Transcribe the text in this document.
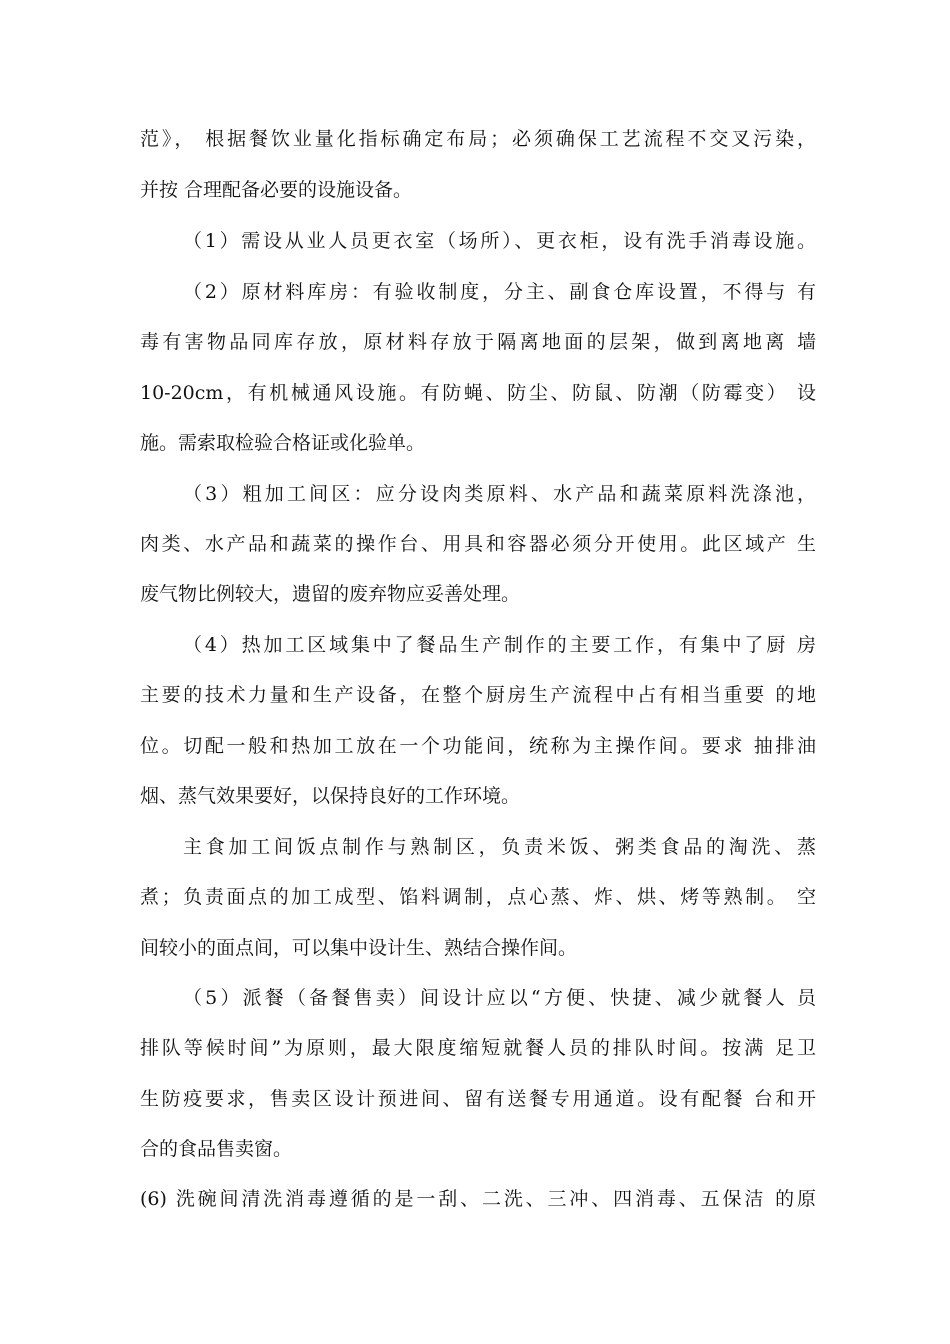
范》， 根据餐饮业量化指标确定布局；必须确保工艺流程不交叉污染，
并按 合理配备必要的设施设备。
（1）需设从业人员更衣室（场所）、更衣柜，设有洗手消毒设施。
（2）原材料库房：有验收制度，分主、副食仓库设置，不得与 有
毒有害物品同库存放，原材料存放于隔离地面的层架，做到离地离 墙
10-20cm，有机械通风设施。有防蝇、防尘、防鼠、防潮（防霉变） 设
施。需索取检验合格证或化验单。
（3）粗加工间区：应分设肉类原料、水产品和蔬菜原料洗涤池，
肉类、水产品和蔬菜的操作台、用具和容器必须分开使用。此区域产 生
废气物比例较大，遗留的废弃物应妥善处理。
（4）热加工区域集中了餐品生产制作的主要工作，有集中了厨 房
主要的技术力量和生产设备，在整个厨房生产流程中占有相当重要 的地
位。切配一般和热加工放在一个功能间，统称为主操作间。要求 抽排油
烟、蒸气效果要好，以保持良好的工作环境。
主食加工间饭点制作与熟制区，负责米饭、粥类食品的淘洗、蒸
煮；负责面点的加工成型、馅料调制，点心蒸、炸、烘、烤等熟制。 空
间较小的面点间，可以集中设计生、熟结合操作间。
（5）派餐（备餐售卖）间设计应以“方便、快捷、减少就餐人 员
排队等候时间”为原则，最大限度缩短就餐人员的排队时间。按满 足卫
生防疫要求，售卖区设计预进间、留有送餐专用通道。设有配餐 台和开
合的食品售卖窗。
(6) 洗碗间清洗消毒遵循的是一刮、二洗、三冲、四消毒、五保洁 的原
